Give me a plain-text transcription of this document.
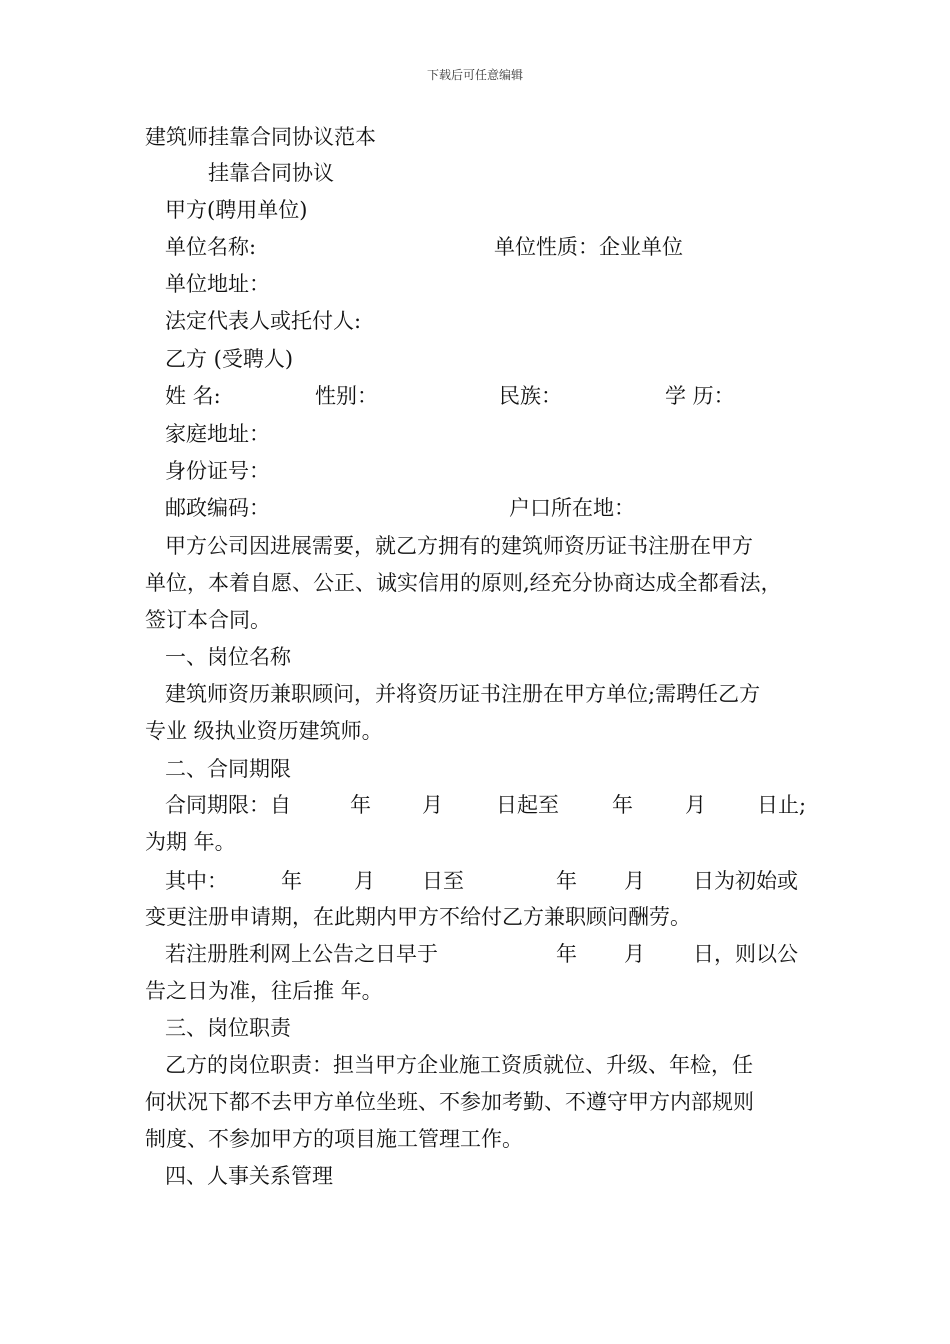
下载后可任意编辑
建筑师挂靠合同协议范本
挂靠合同协议
甲方(聘用单位)
单位名称:	单位性质：企业单位
单位地址：
法定代表人或托付人:
乙方 (受聘人)
姓 名:	性别：	民族：	学 历：
家庭地址：
身份证号：
邮政编码：	户口所在地：
甲方公司因进展需要，就乙方拥有的建筑师资历证书注册在甲方
单位，本着自愿、公正、诚实信用的原则,经充分协商达成全都看法，
签订本合同。
一、岗位名称
建筑师资历兼职顾问，并将资历证书注册在甲方单位;需聘任乙方
专业 级执业资历建筑师。
二、合同期限
合同期限：自	年 月	日起至	年 月 日止;
为期 年。
其中：	年 月 日至	年 月 日为初始或
变更注册申请期，在此期内甲方不给付乙方兼职顾问酬劳。
若注册胜利网上公告之日早于	年 月 日，则以公
告之日为准，往后推 年。
三、岗位职责
乙方的岗位职责：担当甲方企业施工资质就位、升级、年检，任
何状况下都不去甲方单位坐班、不参加考勤、不遵守甲方内部规则
制度、不参加甲方的项目施工管理工作。
四、人事关系管理
